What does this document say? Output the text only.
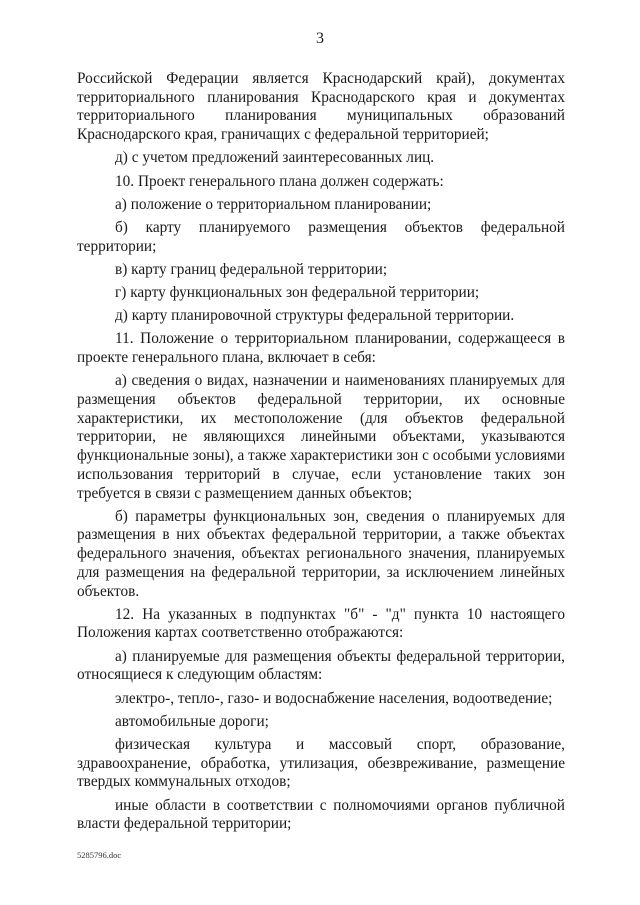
3

Российской Федерации является Краснодарский край), документах территориального планирования Краснодарского края и документах территориального планирования муниципальных образований Краснодарского края, граничащих с федеральной территорией;

д) с учетом предложений заинтересованных лиц.

10. Проект генерального плана должен содержать:

а) положение о территориальном планировании;

б) карту планируемого размещения объектов федеральной территории;

в) карту границ федеральной территории;

г) карту функциональных зон федеральной территории;

д) карту планировочной структуры федеральной территории.

11. Положение о территориальном планировании, содержащееся в проекте генерального плана, включает в себя:

а) сведения о видах, назначении и наименованиях планируемых для размещения объектов федеральной территории, их основные характеристики, их местоположение (для объектов федеральной территории, не являющихся линейными объектами, указываются функциональные зоны), а также характеристики зон с особыми условиями использования территорий в случае, если установление таких зон требуется в связи с размещением данных объектов;

б) параметры функциональных зон, сведения о планируемых для размещения в них объектах федеральной территории, а также объектах федерального значения, объектах регионального значения, планируемых для размещения на федеральной территории, за исключением линейных объектов.

12. На указанных в подпунктах "б" - "д" пункта 10 настоящего Положения картах соответственно отображаются:

а) планируемые для размещения объекты федеральной территории, относящиеся к следующим областям:

электро-, тепло-, газо- и водоснабжение населения, водоотведение;

автомобильные дороги;

физическая культура и массовый спорт, образование, здравоохранение, обработка, утилизация, обезвреживание, размещение твердых коммунальных отходов;

иные области в соответствии с полномочиями органов публичной власти федеральной территории;

5285796.doc
